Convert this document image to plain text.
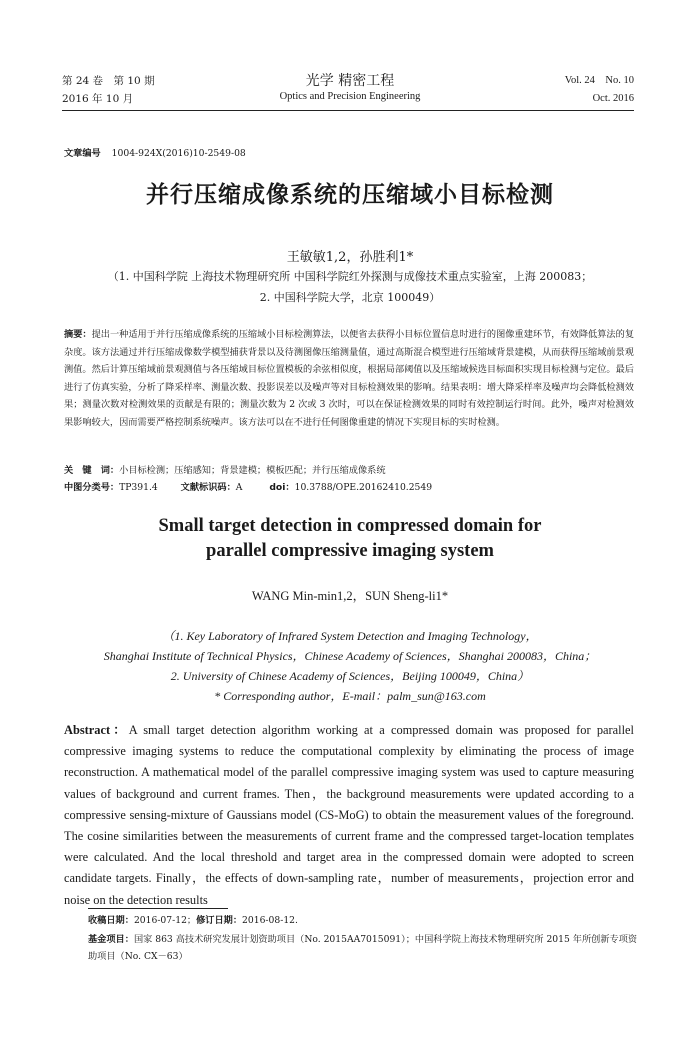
第 24 卷　第 10 期
2016 年 10 月
光学 精密工程
Optics and Precision Engineering
Vol. 24　No. 10
Oct. 2016
文章编号 1004-924X(2016)10-2549-08
并行压缩成像系统的压缩域小目标检测
王敏敏1,2，孙胜利1*
（1. 中国科学院 上海技术物理研究所 中国科学院红外探测与成像技术重点实验室，上海 200083；
2. 中国科学院大学，北京 100049）
摘要：提出一种适用于并行压缩成像系统的压缩域小目标检测算法，以便省去获得小目标位置信息时进行的图像重建环节，有效降低算法的复杂度。该方法通过并行压缩成像数学模型捕获背景以及待测图像压缩测量值，通过高斯混合模型进行压缩域背景建模，从而获得压缩域前景观测值。然后计算压缩域前景观测值与各压缩域目标位置模板的余弦相似度，根据局部阈值以及压缩域候选目标面积实现目标检测与定位。最后进行了仿真实验，分析了降采样率、测量次数、投影误差以及噪声等对目标检测效果的影响。结果表明：增大降采样率及噪声均会降低检测效果；测量次数对检测效果的贡献是有限的；测量次数为 2 次或 3 次时，可以在保证检测效果的同时有效控制运行时间。此外，噪声对检测效果影响较大，因而需要严格控制系统噪声。该方法可以在不进行任何图像重建的情况下实现目标的实时检测。
关　键　词：小目标检测；压缩感知；背景建模；模板匹配；并行压缩成像系统
中图分类号：TP391.4 文献标识码：A	doi：10.3788/OPE.20162410.2549
Small target detection in compressed domain for
parallel compressive imaging system
WANG Min-min1,2，SUN Sheng-li1*
（1. Key Laboratory of Infrared System Detection and Imaging Technology，
Shanghai Institute of Technical Physics，Chinese Academy of Sciences，Shanghai 200083，China；
2. University of Chinese Academy of Sciences，Beijing 100049，China）
* Corresponding author，E-mail：palm_sun@163.com
Abstract：A small target detection algorithm working at a compressed domain was proposed for parallel compressive imaging systems to reduce the computational complexity by eliminating the process of image reconstruction. A mathematical model of the parallel compressive imaging system was used to capture measuring values of background and current frames. Then，the background measurements were updated according to a compressive sensing-mixture of Gaussians model (CS-MoG) to obtain the measurement values of the foreground. The cosine similarities between the measurements of current frame and the compressed target-location templates were calculated. And the local threshold and target area in the compressed domain were adopted to screen candidate targets. Finally，the effects of down-sampling rate，number of measurements，projection error and noise on the detection results
收稿日期：2016-07-12；修订日期：2016-08-12.
基金项目：国家 863 高技术研究发展计划资助项目（No. 2015AA7015091）；中国科学院上海技术物理研究所 2015 年所创新专项资助项目（No. CX－63）
